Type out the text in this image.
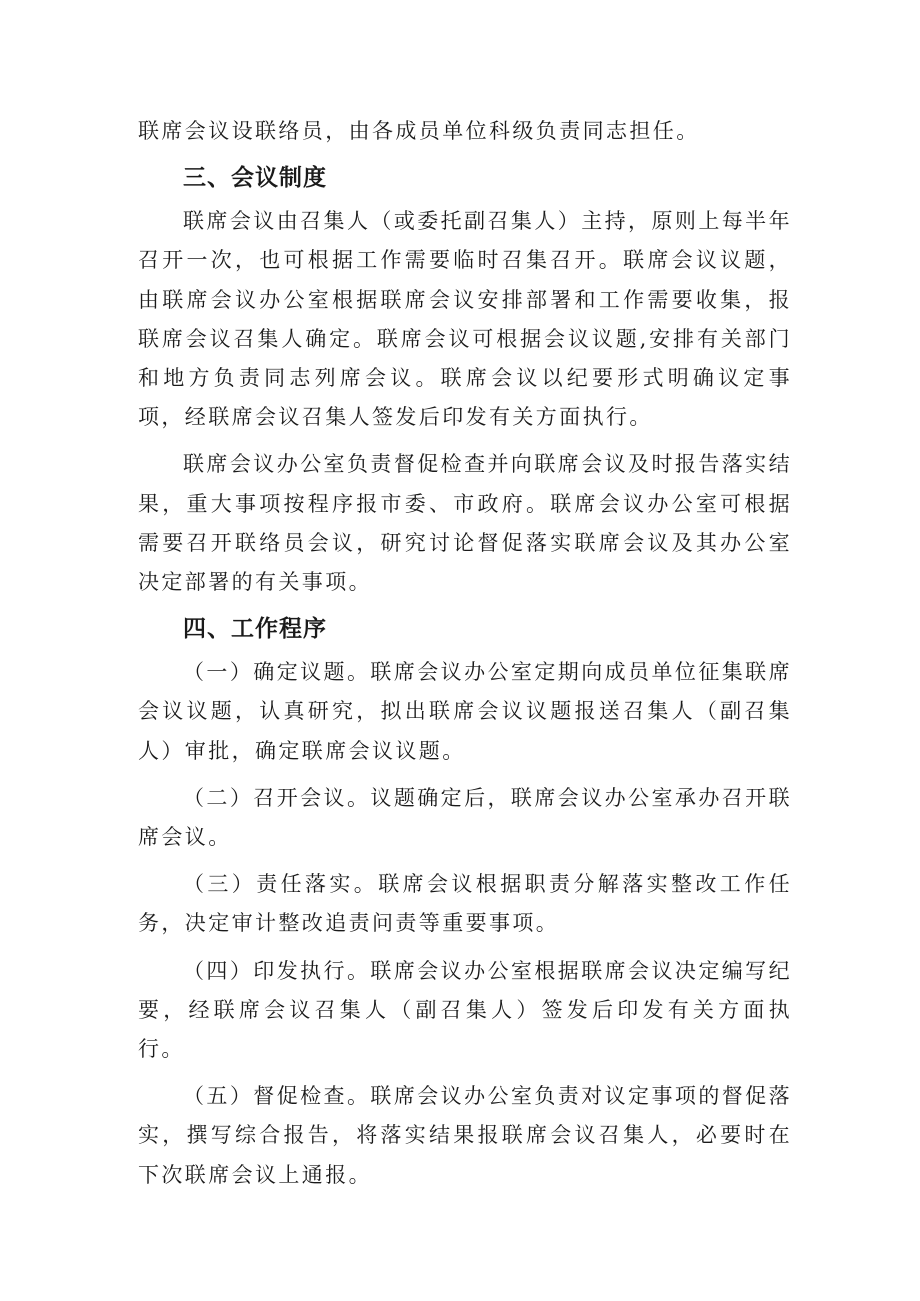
联席会议设联络员，由各成员单位科级负责同志担任。

三、会议制度

联席会议由召集人（或委托副召集人）主持，原则上每半年召开一次，也可根据工作需要临时召集召开。联席会议议题，由联席会议办公室根据联席会议安排部署和工作需要收集，报联席会议召集人确定。联席会议可根据会议议题,安排有关部门和地方负责同志列席会议。联席会议以纪要形式明确议定事项，经联席会议召集人签发后印发有关方面执行。

联席会议办公室负责督促检查并向联席会议及时报告落实结果，重大事项按程序报市委、市政府。联席会议办公室可根据需要召开联络员会议，研究讨论督促落实联席会议及其办公室决定部署的有关事项。

四、工作程序

（一）确定议题。联席会议办公室定期向成员单位征集联席会议议题，认真研究，拟出联席会议议题报送召集人（副召集人）审批，确定联席会议议题。

（二）召开会议。议题确定后，联席会议办公室承办召开联席会议。

（三）责任落实。联席会议根据职责分解落实整改工作任务，决定审计整改追责问责等重要事项。

（四）印发执行。联席会议办公室根据联席会议决定编写纪要，经联席会议召集人（副召集人）签发后印发有关方面执行。

（五）督促检查。联席会议办公室负责对议定事项的督促落实，撰写综合报告，将落实结果报联席会议召集人，必要时在下次联席会议上通报。
